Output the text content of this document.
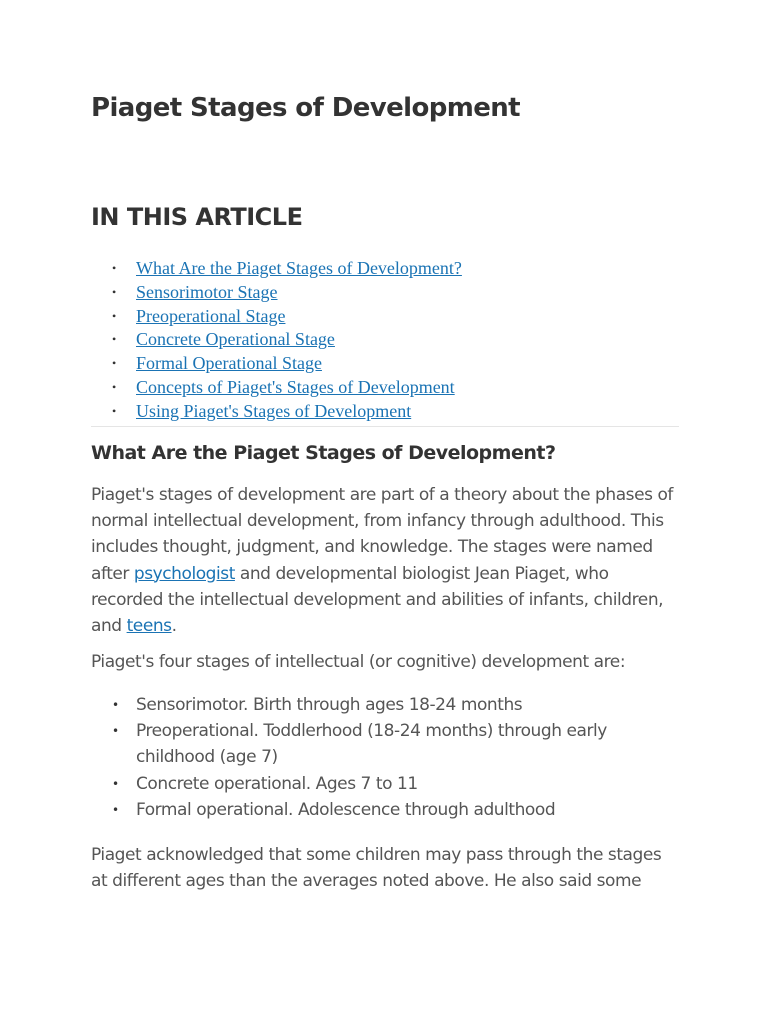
Piaget Stages of Development
IN THIS ARTICLE
• What Are the Piaget Stages of Development?
• Sensorimotor Stage
• Preoperational Stage
• Concrete Operational Stage
• Formal Operational Stage
• Concepts of Piaget's Stages of Development
• Using Piaget's Stages of Development
What Are the Piaget Stages of Development?

Piaget's stages of development are part of a theory about the phases of normal intellectual development, from infancy through adulthood. This includes thought, judgment, and knowledge. The stages were named after psychologist and developmental biologist Jean Piaget, who recorded the intellectual development and abilities of infants, children, and teens.

Piaget's four stages of intellectual (or cognitive) development are:

• Sensorimotor. Birth through ages 18-24 months
• Preoperational. Toddlerhood (18-24 months) through early childhood (age 7)
• Concrete operational. Ages 7 to 11
• Formal operational. Adolescence through adulthood

Piaget acknowledged that some children may pass through the stages at different ages than the averages noted above. He also said some
